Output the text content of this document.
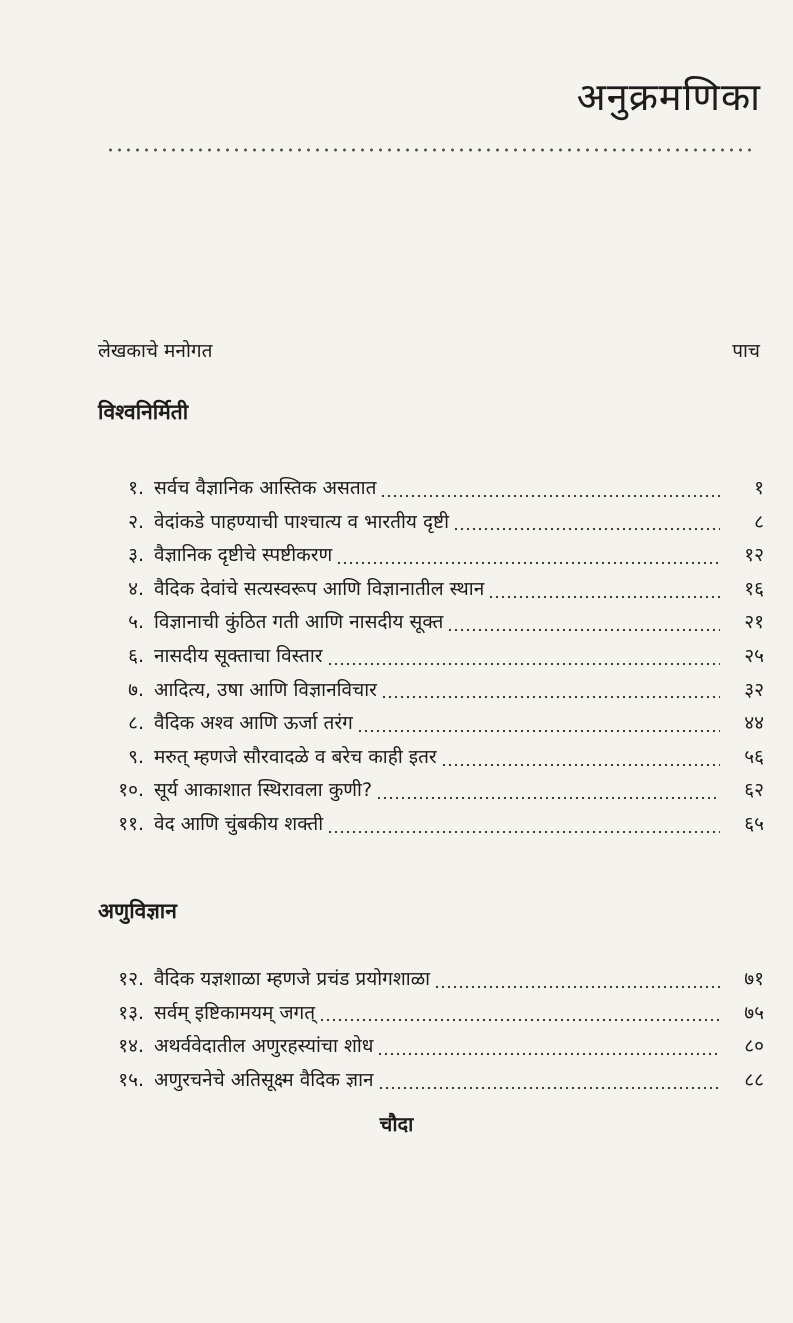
अनुक्रमणिका
लेखकाचे मनोगत	पाच
विश्वनिर्मिती
१. सर्वच वैज्ञानिक आस्तिक असतात	१
२. वेदांकडे पाहण्याची पाश्चात्य व भारतीय दृष्टी	८
३. वैज्ञानिक दृष्टीचे स्पष्टीकरण	१२
४. वैदिक देवांचे सत्यस्वरूप आणि विज्ञानातील स्थान	१६
५. विज्ञानाची कुंठित गती आणि नासदीय सूक्त	२१
६. नासदीय सूक्ताचा विस्तार	२५
७. आदित्य, उषा आणि विज्ञानविचार	३२
८. वैदिक अश्‍व आणि ऊर्जा तरंग	४४
९. मरुत् म्हणजे सौरवादळे व बरेच काही इतर	५६
१०. सूर्य आकाशात स्थिरावला कुणी?	६२
११. वेद आणि चुंबकीय शक्ती	६५
अणुविज्ञान
१२. वैदिक यज्ञशाळा म्हणजे प्रचंड प्रयोगशाळा	७१
१३. सर्वम् इष्टिकामयम् जगत्	७५
१४. अथर्ववेदातील अणुरहस्यांचा शोध	८०
१५. अणुरचनेचे अतिसूक्ष्म वैदिक ज्ञान	८८
चौदा
